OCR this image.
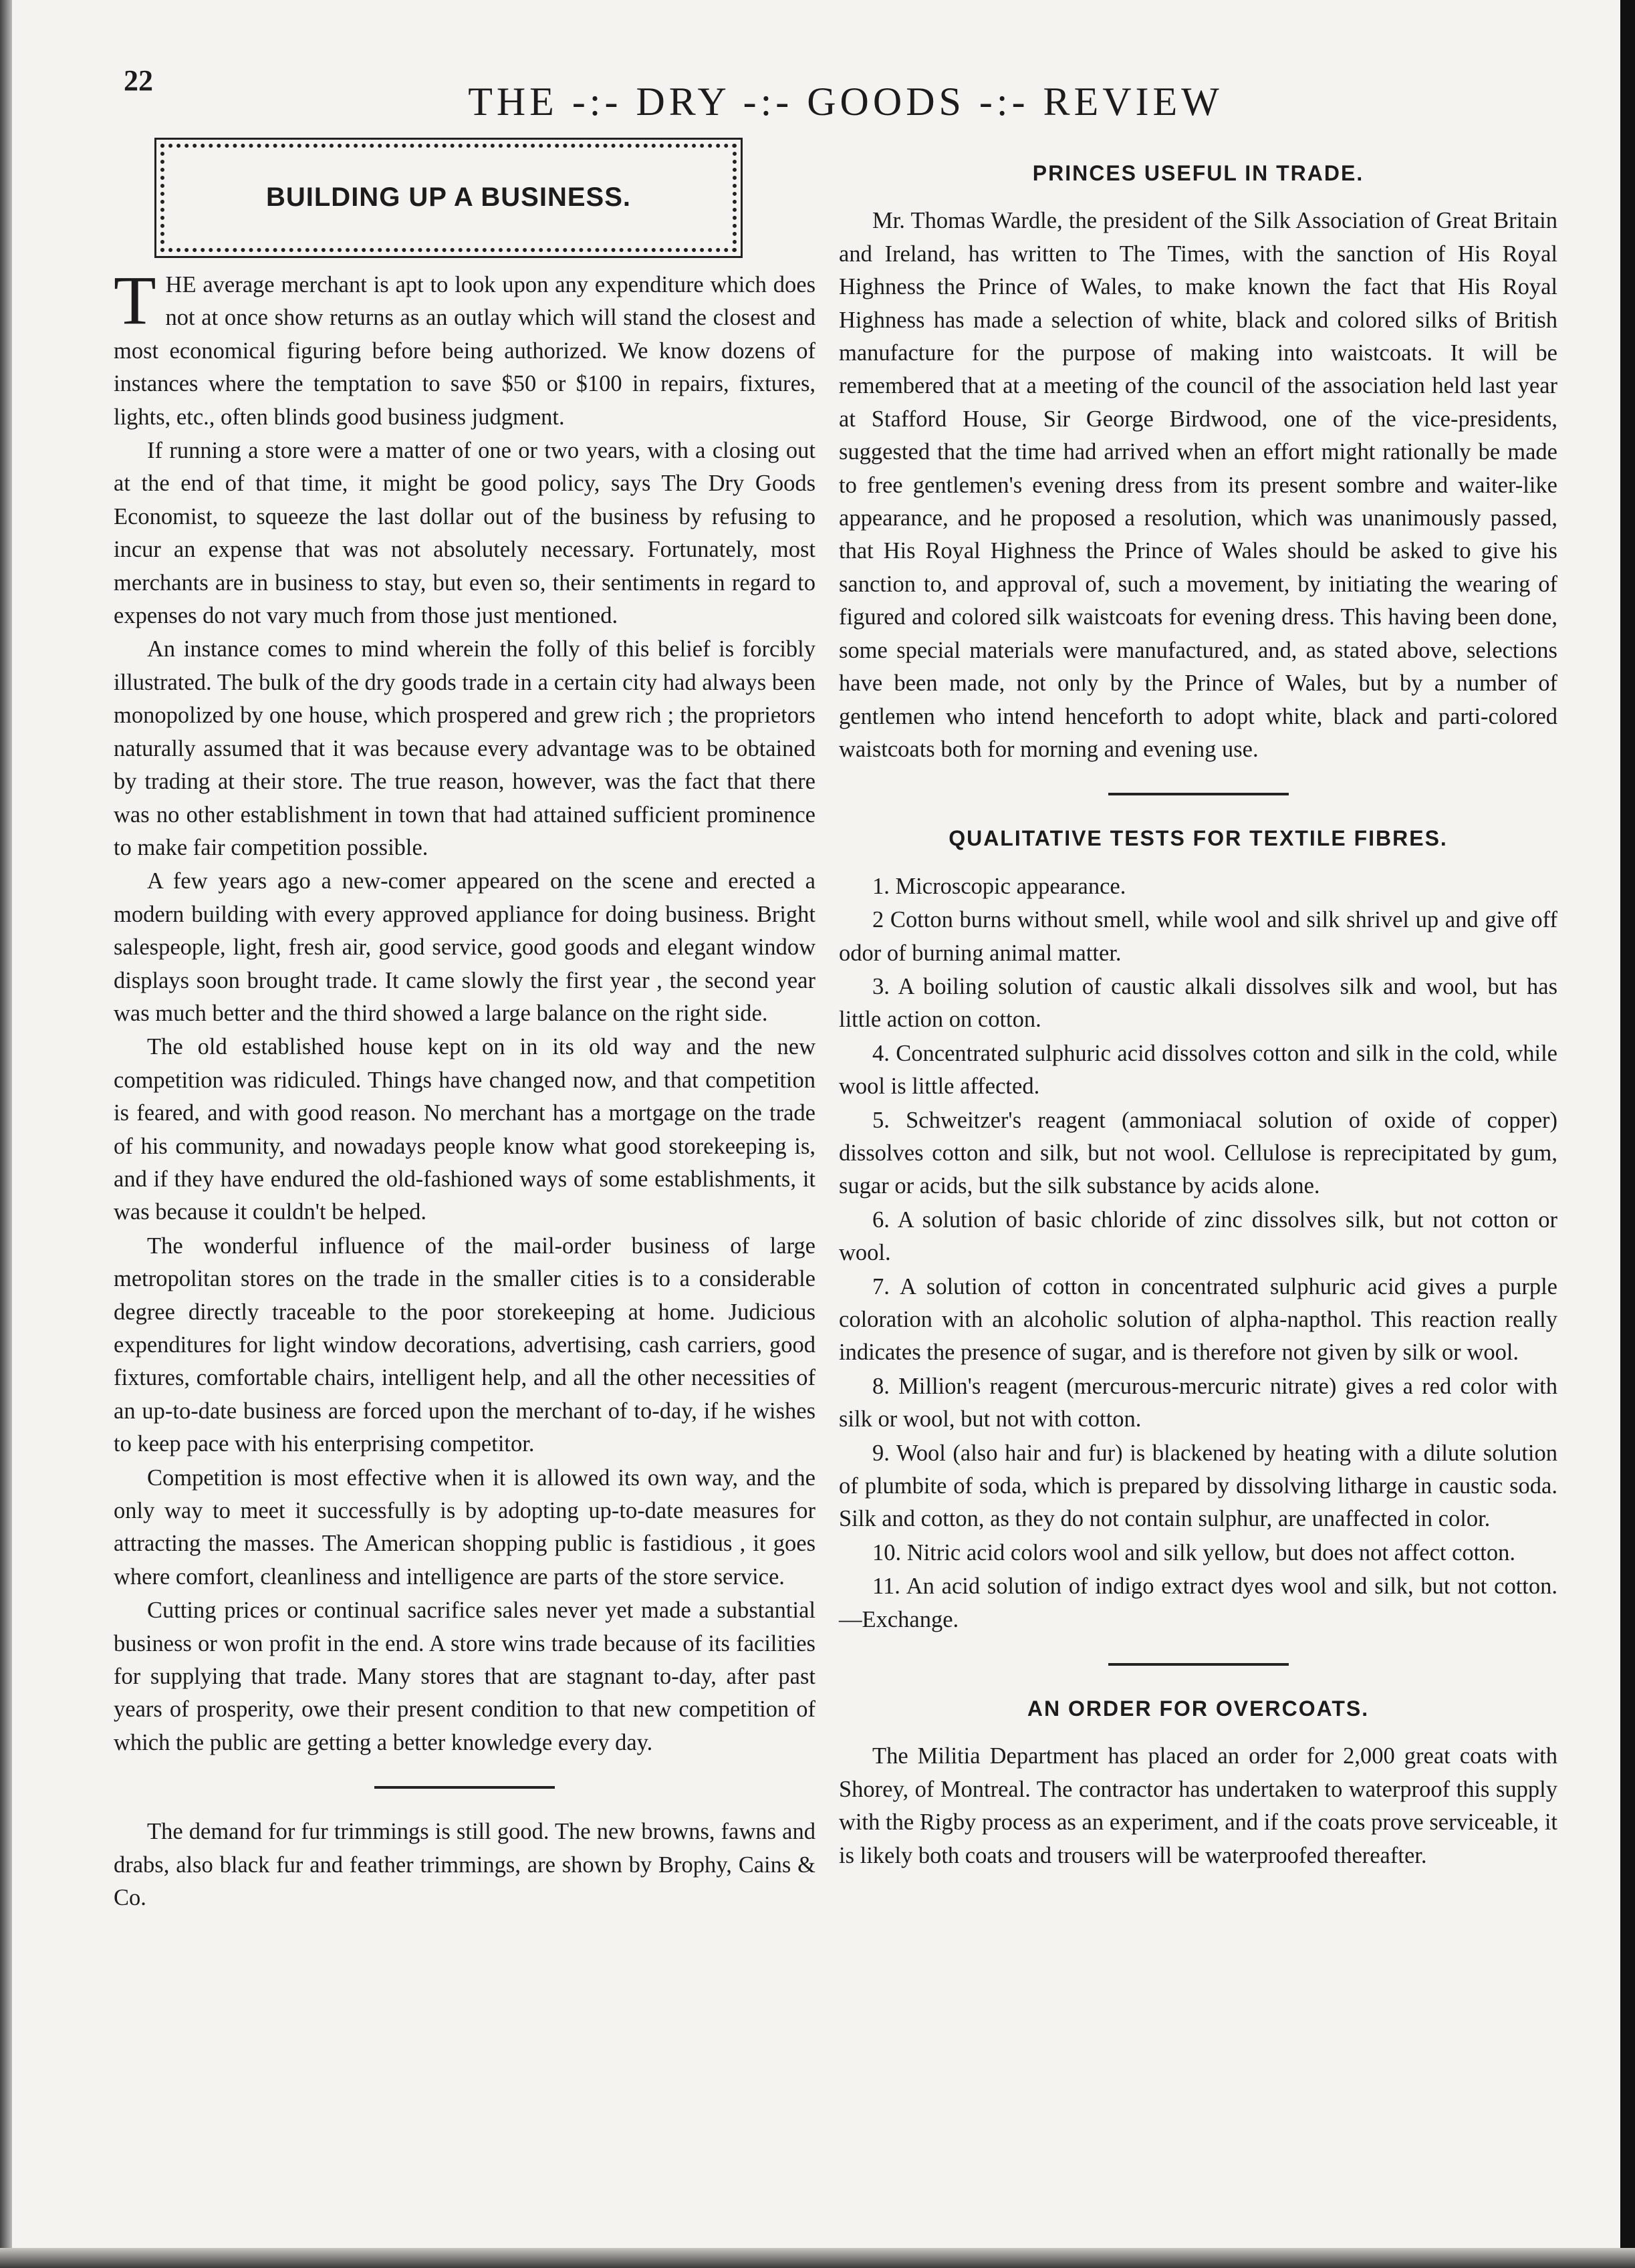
22	THE -:- DRY -:- GOODS -:- REVIEW
BUILDING UP A BUSINESS.

THE average merchant is apt to look upon any expenditure which does not at once show returns as an outlay which will stand the closest and most economical figuring before being authorized. We know dozens of instances where the temptation to save $50 or $100 in repairs, fixtures, lights, etc., often blinds good business judgment.

If running a store were a matter of one or two years, with a closing out at the end of that time, it might be good policy, says The Dry Goods Economist, to squeeze the last dollar out of the business by refusing to incur an expense that was not absolutely necessary. Fortunately, most merchants are in business to stay, but even so, their sentiments in regard to expenses do not vary much from those just mentioned.

An instance comes to mind wherein the folly of this belief is forcibly illustrated. The bulk of the dry goods trade in a certain city had always been monopolized by one house, which prospered and grew rich ; the proprietors naturally assumed that it was because every advantage was to be obtained by trading at their store. The true reason, however, was the fact that there was no other establishment in town that had attained sufficient prominence to make fair competition possible.

A few years ago a new-comer appeared on the scene and erected a modern building with every approved appliance for doing business. Bright salespeople, light, fresh air, good service, good goods and elegant window displays soon brought trade. It came slowly the first year , the second year was much better and the third showed a large balance on the right side.

The old established house kept on in its old way and the new competition was ridiculed. Things have changed now, and that competition is feared, and with good reason. No merchant has a mortgage on the trade of his community, and nowadays people know what good storekeeping is, and if they have endured the old-fashioned ways of some establishments, it was because it couldn't be helped.

The wonderful influence of the mail-order business of large metropolitan stores on the trade in the smaller cities is to a considerable degree directly traceable to the poor storekeeping at home. Judicious expenditures for light window decorations, advertising, cash carriers, good fixtures, comfortable chairs, intelligent help, and all the other necessities of an up-to-date business are forced upon the merchant of to-day, if he wishes to keep pace with his enterprising competitor.

Competition is most effective when it is allowed its own way, and the only way to meet it successfully is by adopting up-to-date measures for attracting the masses. The American shopping public is fastidious , it goes where comfort, cleanliness and intelligence are parts of the store service.

Cutting prices or continual sacrifice sales never yet made a substantial business or won profit in the end. A store wins trade because of its facilities for supplying that trade. Many stores that are stagnant to-day, after past years of prosperity, owe their present condition to that new competition of which the public are getting a better knowledge every day.

The demand for fur trimmings is still good. The new browns, fawns and drabs, also black fur and feather trimmings, are shown by Brophy, Cains & Co.

PRINCES USEFUL IN TRADE.

Mr. Thomas Wardle, the president of the Silk Association of Great Britain and Ireland, has written to The Times, with the sanction of His Royal Highness the Prince of Wales, to make known the fact that His Royal Highness has made a selection of white, black and colored silks of British manufacture for the purpose of making into waistcoats. It will be remembered that at a meeting of the council of the association held last year at Stafford House, Sir George Birdwood, one of the vice-presidents, suggested that the time had arrived when an effort might rationally be made to free gentlemen's evening dress from its present sombre and waiter-like appearance, and he proposed a resolution, which was unanimously passed, that His Royal Highness the Prince of Wales should be asked to give his sanction to, and approval of, such a movement, by initiating the wearing of figured and colored silk waistcoats for evening dress. This having been done, some special materials were manufactured, and, as stated above, selections have been made, not only by the Prince of Wales, but by a number of gentlemen who intend henceforth to adopt white, black and parti-colored waistcoats both for morning and evening use.

QUALITATIVE TESTS FOR TEXTILE FIBRES.

1. Microscopic appearance.

2 Cotton burns without smell, while wool and silk shrivel up and give off odor of burning animal matter.

3. A boiling solution of caustic alkali dissolves silk and wool, but has little action on cotton.

4. Concentrated sulphuric acid dissolves cotton and silk in the cold, while wool is little affected.

5. Schweitzer's reagent (ammoniacal solution of oxide of copper) dissolves cotton and silk, but not wool. Cellulose is reprecipitated by gum, sugar or acids, but the silk substance by acids alone.

6. A solution of basic chloride of zinc dissolves silk, but not cotton or wool.

7. A solution of cotton in concentrated sulphuric acid gives a purple coloration with an alcoholic solution of alpha-napthol. This reaction really indicates the presence of sugar, and is therefore not given by silk or wool.

8. Million's reagent (mercurous-mercuric nitrate) gives a red color with silk or wool, but not with cotton.

9. Wool (also hair and fur) is blackened by heating with a dilute solution of plumbite of soda, which is prepared by dissolving litharge in caustic soda. Silk and cotton, as they do not contain sulphur, are unaffected in color.

10. Nitric acid colors wool and silk yellow, but does not affect cotton.

11. An acid solution of indigo extract dyes wool and silk, but not cotton.—Exchange.

AN ORDER FOR OVERCOATS.

The Militia Department has placed an order for 2,000 great coats with Shorey, of Montreal. The contractor has undertaken to waterproof this supply with the Rigby process as an experiment, and if the coats prove serviceable, it is likely both coats and trousers will be waterproofed thereafter.
